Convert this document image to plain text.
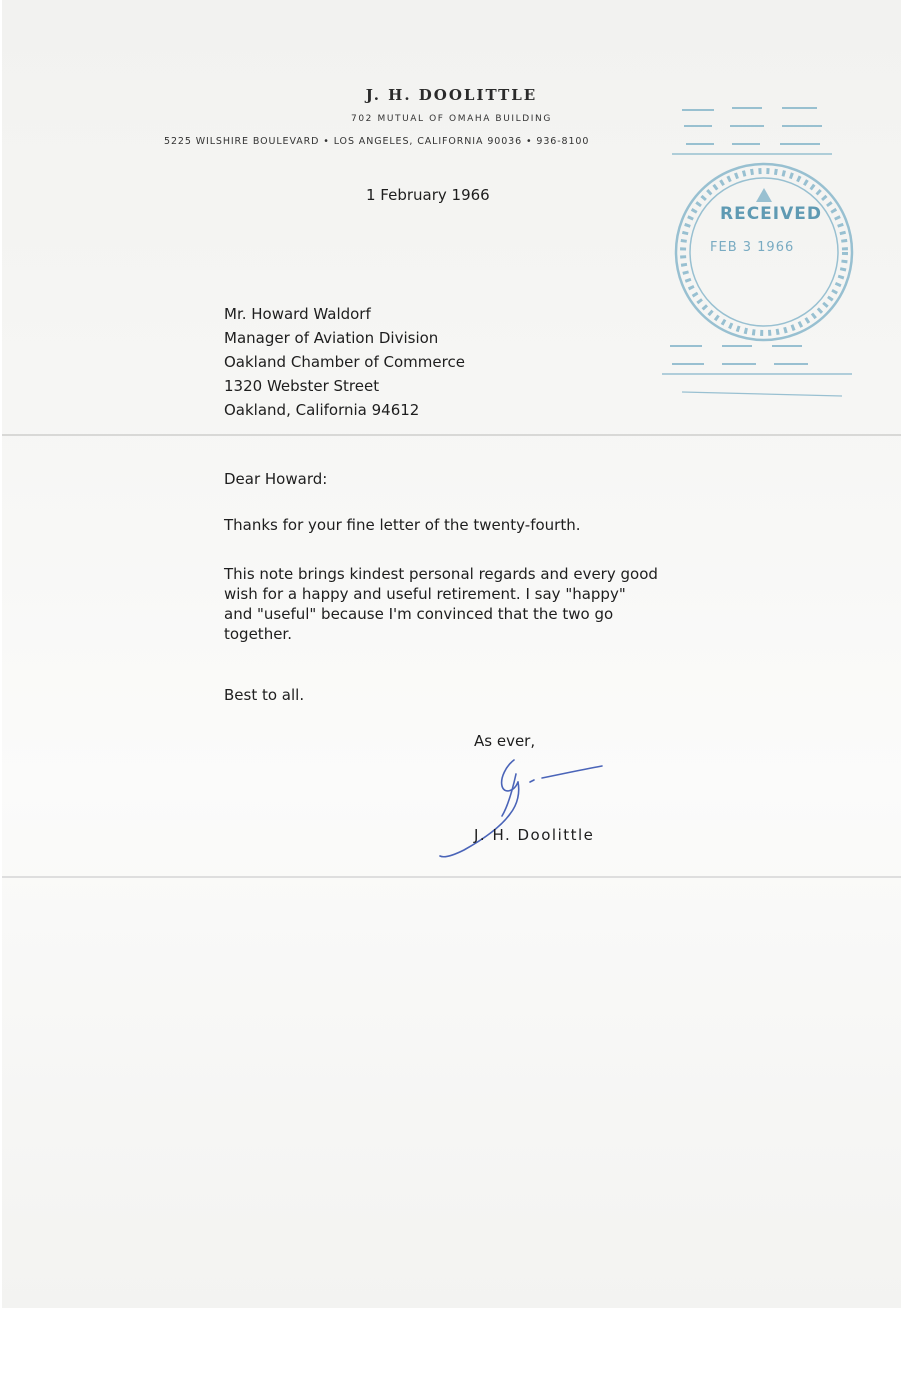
J. H. DOOLITTLE
702 MUTUAL OF OMAHA BUILDING
5225 WILSHIRE BOULEVARD • LOS ANGELES, CALIFORNIA 90036 • 936-8100
RECEIVED
FEB 3 1966
1 February 1966
Mr. Howard Waldorf
Manager of Aviation Division
Oakland Chamber of Commerce
1320 Webster Street
Oakland, California 94612
Dear Howard:
Thanks for your fine letter of the twenty-fourth.
This note brings kindest personal regards and every good
wish for a happy and useful retirement. I say "happy"
and "useful" because I'm convinced that the two go
together.
Best to all.
As ever,
J. H. Doolittle
